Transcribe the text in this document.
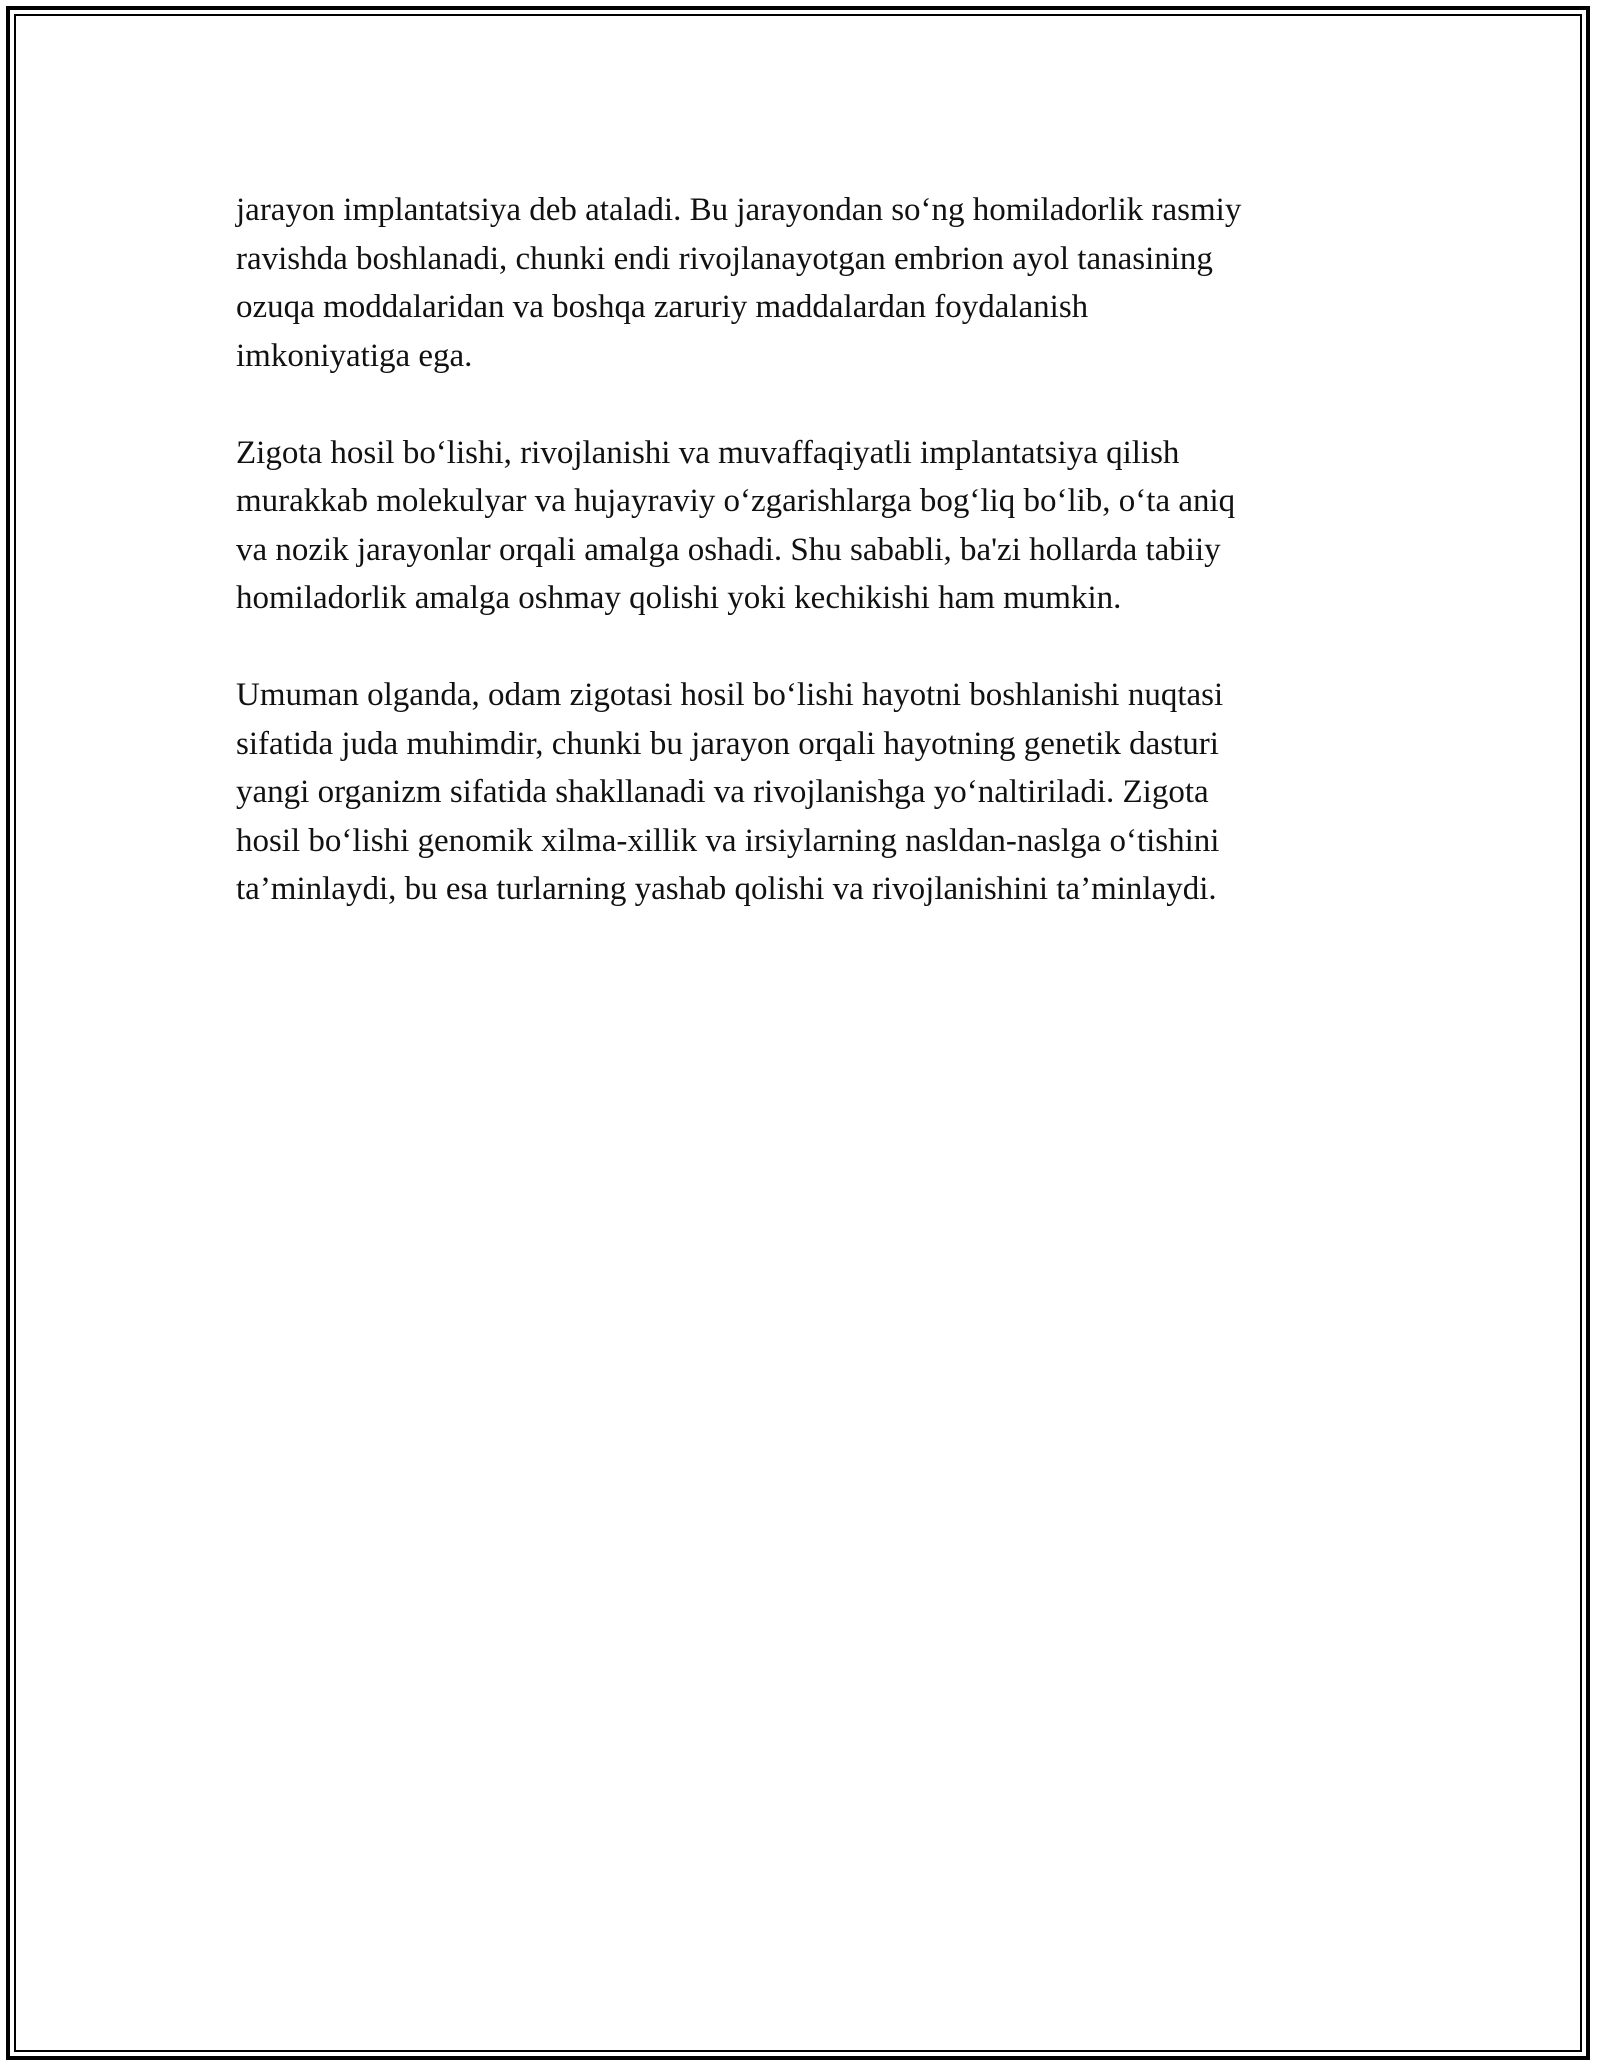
jarayon implantatsiya deb ataladi. Bu jarayondan so‘ng homiladorlik rasmiy
ravishda boshlanadi, chunki endi rivojlanayotgan embrion ayol tanasining
ozuqa moddalaridan va boshqa zaruriy maddalardan foydalanish
imkoniyatiga ega.

Zigota hosil bo‘lishi, rivojlanishi va muvaffaqiyatli implantatsiya qilish
murakkab molekulyar va hujayraviy o‘zgarishlarga bog‘liq bo‘lib, o‘ta aniq
va nozik jarayonlar orqali amalga oshadi. Shu sababli, ba'zi hollarda tabiiy
homiladorlik amalga oshmay qolishi yoki kechikishi ham mumkin.

Umuman olganda, odam zigotasi hosil bo‘lishi hayotni boshlanishi nuqtasi
sifatida juda muhimdir, chunki bu jarayon orqali hayotning genetik dasturi
yangi organizm sifatida shakllanadi va rivojlanishga yo‘naltiriladi. Zigota
hosil bo‘lishi genomik xilma-xillik va irsiylarning nasldan-naslga o‘tishini
ta’minlaydi, bu esa turlarning yashab qolishi va rivojlanishini ta’minlaydi.
